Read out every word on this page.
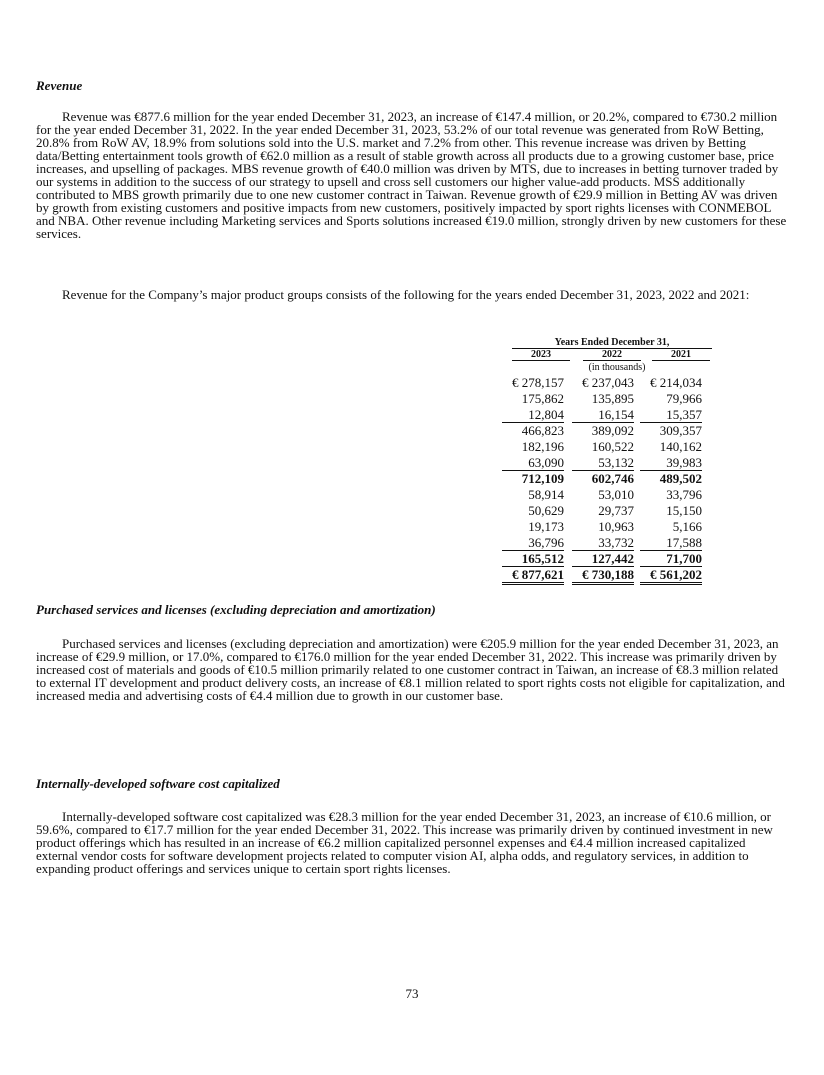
Revenue

Revenue was €877.6 million for the year ended December 31, 2023, an increase of €147.4 million, or 20.2%, compared to €730.2 million for the year ended December 31, 2022. In the year ended December 31, 2023, 53.2% of our total revenue was generated from RoW Betting, 20.8% from RoW AV, 18.9% from solutions sold into the U.S. market and 7.2% from other. This revenue increase was driven by Betting data/Betting entertainment tools growth of €62.0 million as a result of stable growth across all products due to a growing customer base, price increases, and upselling of packages. MBS revenue growth of €40.0 million was driven by MTS, due to increases in betting turnover traded by our systems in addition to the success of our strategy to upsell and cross sell customers our higher value-add products. MSS additionally contributed to MBS growth primarily due to one new customer contract in Taiwan. Revenue growth of €29.9 million in Betting AV was driven by growth from existing customers and positive impacts from new customers, positively impacted by sport rights licenses with CONMEBOL and NBA. Other revenue including Marketing services and Sports solutions increased €19.0 million, strongly driven by new customers for these services.

Revenue for the Company’s major product groups consists of the following for the years ended December 31, 2023, 2022 and 2021:

Years Ended December 31,
2023	2022	2021
(in thousands)
€ 278,157	€ 237,043	€ 214,034
175,862	135,895	79,966
12,804	16,154	15,357
466,823	389,092	309,357
182,196	160,522	140,162
63,090	53,132	39,983
712,109	602,746	489,502
58,914	53,010	33,796
50,629	29,737	15,150
19,173	10,963	5,166
36,796	33,732	17,588
165,512	127,442	71,700
€ 877,621	€ 730,188	€ 561,202
Purchased services and licenses (excluding depreciation and amortization)

Purchased services and licenses (excluding depreciation and amortization) were €205.9 million for the year ended December 31, 2023, an increase of €29.9 million, or 17.0%, compared to €176.0 million for the year ended December 31, 2022. This increase was primarily driven by increased cost of materials and goods of €10.5 million primarily related to one customer contract in Taiwan, an increase of €8.3 million related to external IT development and product delivery costs, an increase of €8.1 million related to sport rights costs not eligible for capitalization, and increased media and advertising costs of €4.4 million due to growth in our customer base.

Internally-developed software cost capitalized

Internally-developed software cost capitalized was €28.3 million for the year ended December 31, 2023, an increase of €10.6 million, or 59.6%, compared to €17.7 million for the year ended December 31, 2022. This increase was primarily driven by continued investment in new product offerings which has resulted in an increase of €6.2 million capitalized personnel expenses and €4.4 million increased capitalized external vendor costs for software development projects related to computer vision AI, alpha odds, and regulatory services, in addition to expanding product offerings and services unique to certain sport rights licenses.

73
